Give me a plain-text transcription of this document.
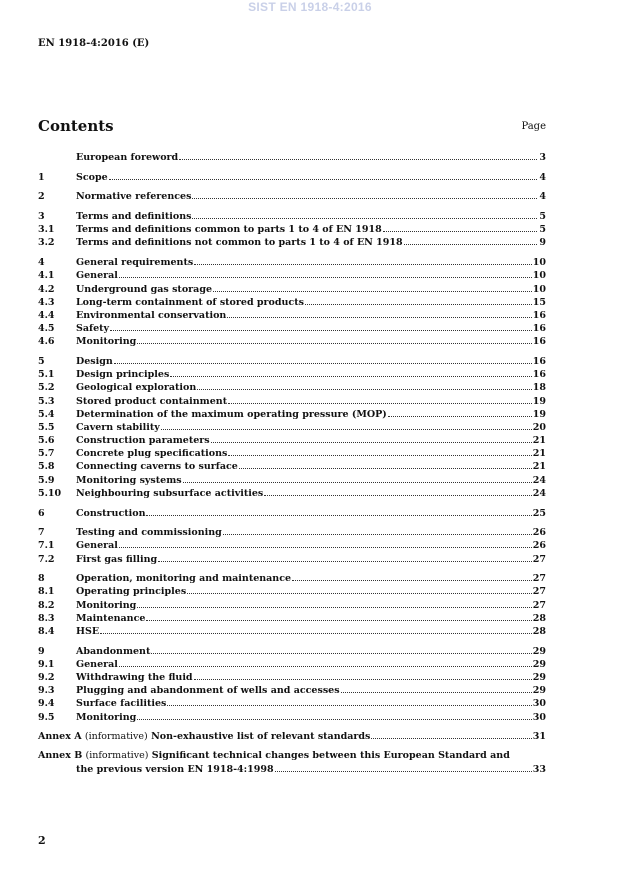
SIST EN 1918-4:2016
EN 1918-4:2016 (E)
Contents	Page
European foreword	3
1	Scope	4
2	Normative references	4
3	Terms and definitions	5
3.1	Terms and definitions common to parts 1 to 4 of EN 1918	5
3.2	Terms and definitions not common to parts 1 to 4 of EN 1918	9
4	General requirements	10
4.1	General	10
4.2	Underground gas storage	10
4.3	Long-term containment of stored products	15
4.4	Environmental conservation	16
4.5	Safety	16
4.6	Monitoring	16
5	Design	16
5.1	Design principles	16
5.2	Geological exploration	18
5.3	Stored product containment	19
5.4	Determination of the maximum operating pressure (MOP)	19
5.5	Cavern stability	20
5.6	Construction parameters	21
5.7	Concrete plug specifications	21
5.8	Connecting caverns to surface	21
5.9	Monitoring systems	24
5.10	Neighbouring subsurface activities	24
6	Construction	25
7	Testing and commissioning	26
7.1	General	26
7.2	First gas filling	27
8	Operation, monitoring and maintenance	27
8.1	Operating principles	27
8.2	Monitoring	27
8.3	Maintenance	28
8.4	HSE	28
9	Abandonment	29
9.1	General	29
9.2	Withdrawing the fluid	29
9.3	Plugging and abandonment of wells and accesses	29
9.4	Surface facilities	30
9.5	Monitoring	30
Annex A (informative) Non-exhaustive list of relevant standards	31
Annex B (informative) Significant technical changes between this European Standard and
the previous version EN 1918-4:1998	33
2
